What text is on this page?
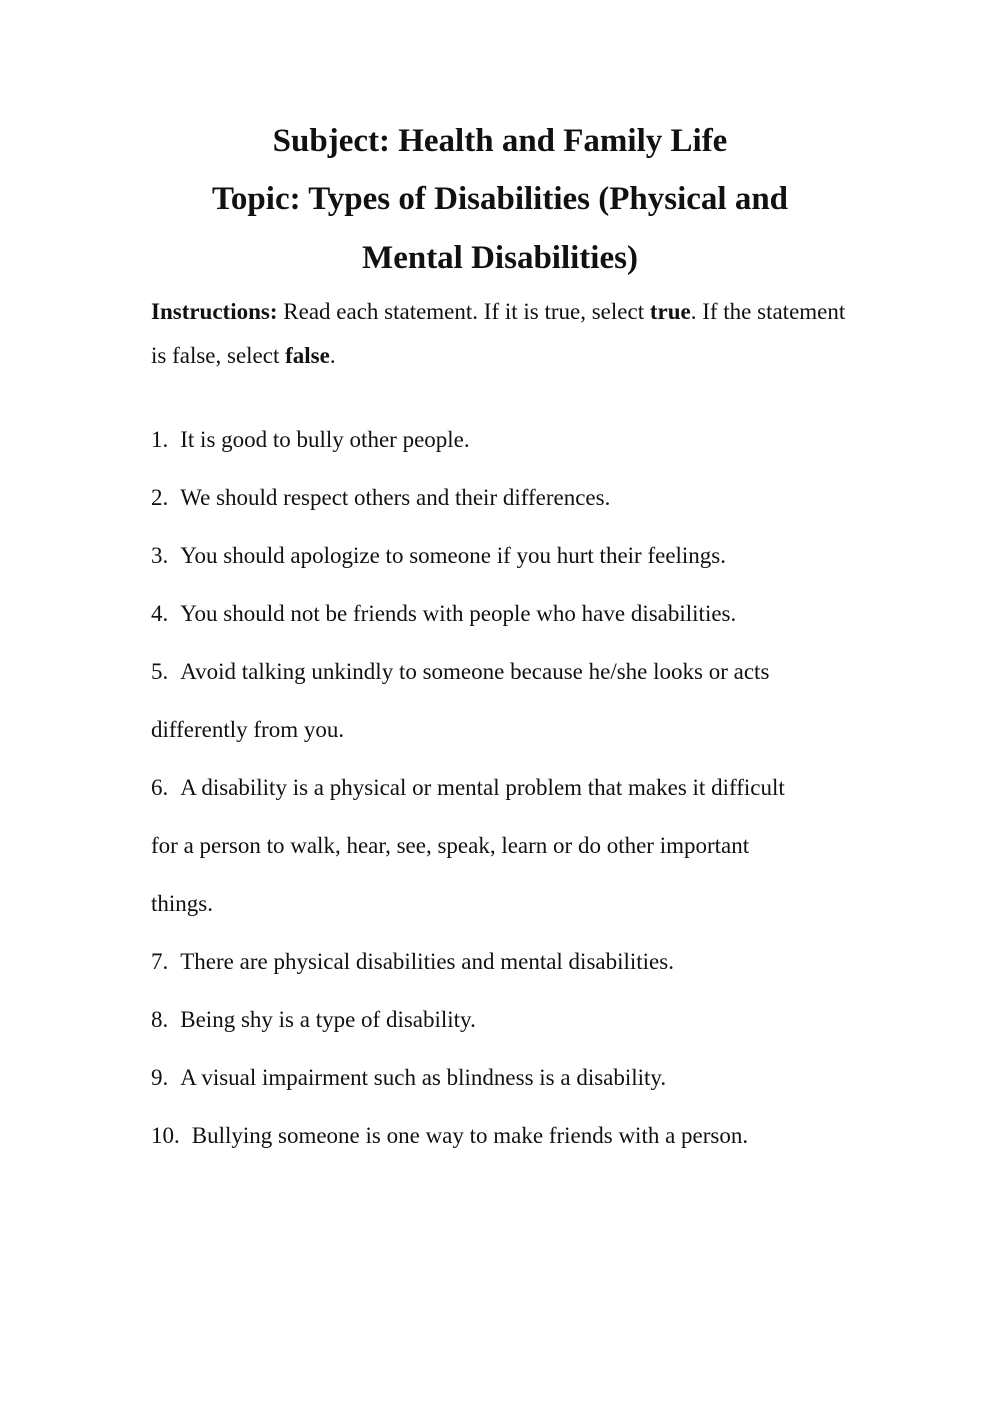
Subject: Health and Family Life
Topic: Types of Disabilities (Physical and
Mental Disabilities)
Instructions: Read each statement. If it is true, select true. If the statement is false, select false.
1. It is good to bully other people.
2. We should respect others and their differences.
3. You should apologize to someone if you hurt their feelings.
4. You should not be friends with people who have disabilities.
5. Avoid talking unkindly to someone because he/she looks or acts
differently from you.
6. A disability is a physical or mental problem that makes it difficult
for a person to walk, hear, see, speak, learn or do other important
things.
7. There are physical disabilities and mental disabilities.
8. Being shy is a type of disability.
9. A visual impairment such as blindness is a disability.
10. Bullying someone is one way to make friends with a person.
